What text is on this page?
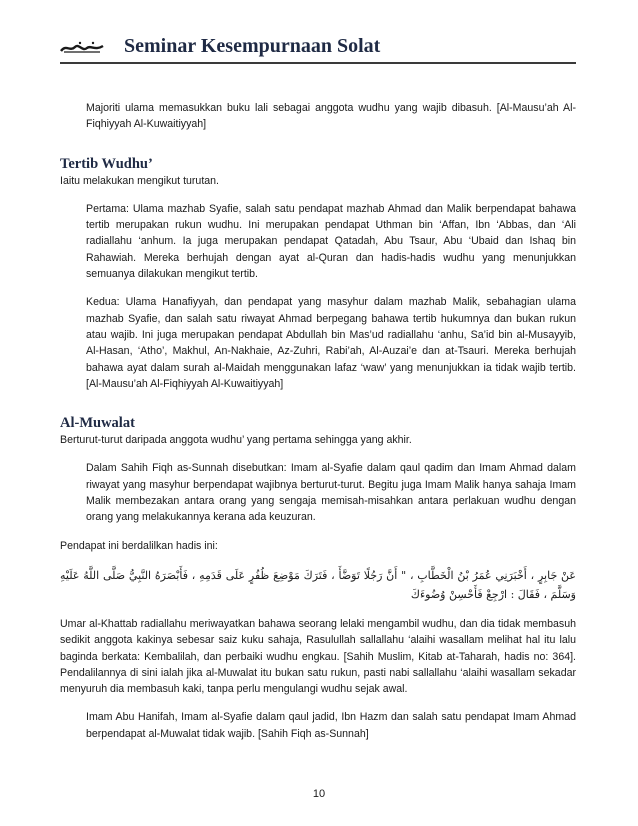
Seminar Kesempurnaan Solat

Majoriti ulama memasukkan buku lali sebagai anggota wudhu yang wajib dibasuh. [Al-Mausu’ah Al-Fiqhiyyah Al-Kuwaitiyyah]

Tertib Wudhu’

Iaitu melakukan mengikut turutan.

Pertama: Ulama mazhab Syafie, salah satu pendapat mazhab Ahmad dan Malik berpendapat bahawa tertib merupakan rukun wudhu. Ini merupakan pendapat Uthman bin ‘Affan, Ibn ‘Abbas, dan ‘Ali radiallahu ‘anhum. Ia juga merupakan pendapat Qatadah, Abu Tsaur, Abu ‘Ubaid dan Ishaq bin Rahawiah. Mereka berhujah dengan ayat al-Quran dan hadis-hadis wudhu yang menunjukkan semuanya dilakukan mengikut tertib.

Kedua: Ulama Hanafiyyah, dan pendapat yang masyhur dalam mazhab Malik, sebahagian ulama mazhab Syafie, dan salah satu riwayat Ahmad berpegang bahawa tertib hukumnya dan bukan rukun atau wajib. Ini juga merupakan pendapat Abdullah bin Mas’ud radiallahu ‘anhu, Sa’id bin al-Musayyib, Al-Hasan, ‘Atho’, Makhul, An-Nakhaie, Az-Zuhri, Rabi’ah, Al-Auzai’e dan at-Tsauri. Mereka berhujah bahawa ayat dalam surah al-Maidah menggunakan lafaz ‘waw’ yang menunjukkan ia tidak wajib tertib. [Al-Mausu’ah Al-Fiqhiyyah Al-Kuwaitiyyah]

Al-Muwalat

Berturut-turut daripada anggota wudhu’ yang pertama sehingga yang akhir.

Dalam Sahih Fiqh as-Sunnah disebutkan: Imam al-Syafie dalam qaul qadim dan Imam Ahmad dalam riwayat yang masyhur berpendapat wajibnya berturut-turut. Begitu juga Imam Malik hanya sahaja Imam Malik membezakan antara orang yang sengaja memisah-misahkan antara perlakuan wudhu dengan orang yang melakukannya kerana ada keuzuran.

Pendapat ini berdalilkan hadis ini:

عَنْ جَابِرٍ ، أَخْبَرَنِي عُمَرُ بْنُ الْخَطَّابِ ، " أَنَّ رَجُلًا تَوَضَّأَ ، فَتَرَكَ مَوْضِعَ ظُفُرٍ عَلَى قَدَمِهِ ، فَأَبْصَرَهُ النَّبِيُّ صَلَّى اللَّهُ عَلَيْهِ وَسَلَّمَ ، فَقَالَ : ارْجِعْ فَأَحْسِنْ وُضُوءَكَ

Umar al-Khattab radiallahu meriwayatkan bahawa seorang lelaki mengambil wudhu, dan dia tidak membasuh sedikit anggota kakinya sebesar saiz kuku sahaja, Rasulullah sallallahu ‘alaihi wasallam melihat hal itu lalu baginda berkata: Kembalilah, dan perbaiki wudhu engkau. [Sahih Muslim, Kitab at-Taharah, hadis no: 364]. Pendalilannya di sini ialah jika al-Muwalat itu bukan satu rukun, pasti nabi sallallahu ‘alaihi wasallam sekadar menyuruh dia membasuh kaki, tanpa perlu mengulangi wudhu sejak awal.

Imam Abu Hanifah, Imam al-Syafie dalam qaul jadid, Ibn Hazm dan salah satu pendapat Imam Ahmad berpendapat al-Muwalat tidak wajib. [Sahih Fiqh as-Sunnah]

10
